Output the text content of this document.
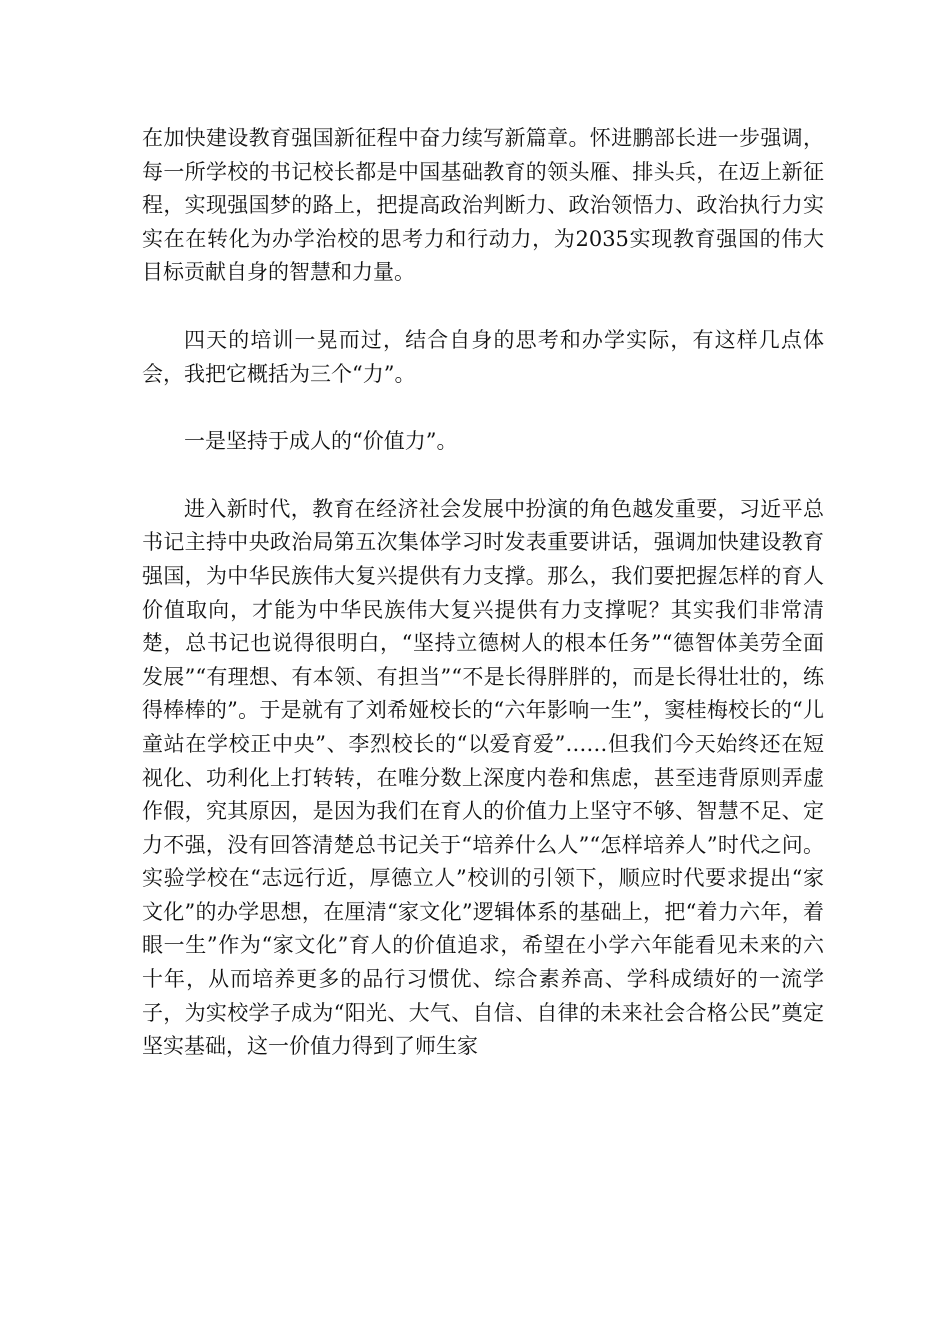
在加快建设教育强国新征程中奋力续写新篇章。怀进鹏部长进一步强调，每一所学校的书记校长都是中国基础教育的领头雁、排头兵，在迈上新征程，实现强国梦的路上，把提高政治判断力、政治领悟力、政治执行力实实在在转化为办学治校的思考力和行动力，为2035实现教育强国的伟大目标贡献自身的智慧和力量。

四天的培训一晃而过，结合自身的思考和办学实际，有这样几点体会，我把它概括为三个“力”。

一是坚持于成人的“价值力”。

进入新时代，教育在经济社会发展中扮演的角色越发重要，习近平总书记主持中央政治局第五次集体学习时发表重要讲话，强调加快建设教育强国，为中华民族伟大复兴提供有力支撑。那么，我们要把握怎样的育人价值取向，才能为中华民族伟大复兴提供有力支撑呢？其实我们非常清楚，总书记也说得很明白，“坚持立德树人的根本任务”“德智体美劳全面发展”“有理想、有本领、有担当”“不是长得胖胖的，而是长得壮壮的，练得棒棒的”。于是就有了刘希娅校长的“六年影响一生”，窦桂梅校长的“儿童站在学校正中央”、李烈校长的“以爱育爱”……但我们今天始终还在短视化、功利化上打转转，在唯分数上深度内卷和焦虑，甚至违背原则弄虚作假，究其原因，是因为我们在育人的价值力上坚守不够、智慧不足、定力不强，没有回答清楚总书记关于“培养什么人”“怎样培养人”时代之问。实验学校在“志远行近，厚德立人”校训的引领下，顺应时代要求提出“家文化”的办学思想，在厘清“家文化”逻辑体系的基础上，把“着力六年，着眼一生”作为“家文化”育人的价值追求，希望在小学六年能看见未来的六十年，从而培养更多的品行习惯优、综合素养高、学科成绩好的一流学子，为实校学子成为“阳光、大气、自信、自律的未来社会合格公民”奠定坚实基础，这一价值力得到了师生家
